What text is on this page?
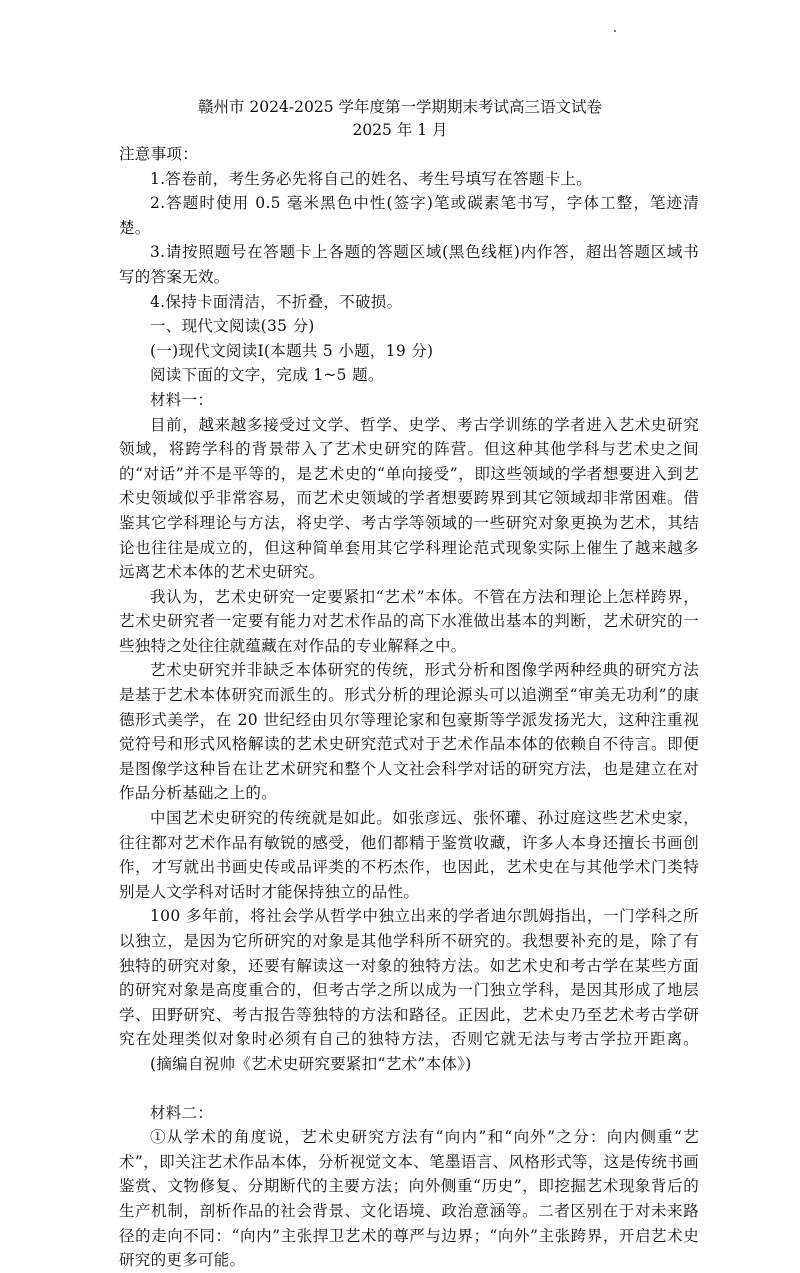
赣州市 2024-2025 学年度第一学期期末考试高三语文试卷
2025 年 1 月

注意事项：

1.答卷前，考生务必先将自己的姓名、考生号填写在答题卡上。

2.答题时使用 0.5 毫米黑色中性(签字)笔或碳素笔书写，字体工整，笔迹清楚。

3.请按照题号在答题卡上各题的答题区域(黑色线框)内作答，超出答题区域书写的答案无效。

4.保持卡面清洁，不折叠，不破损。

一、现代文阅读(35 分)

(一)现代文阅读Ⅰ(本题共 5 小题，19 分)

阅读下面的文字，完成 1~5 题。

材料一：

目前，越来越多接受过文学、哲学、史学、考古学训练的学者进入艺术史研究领域，将跨学科的背景带入了艺术史研究的阵营。但这种其他学科与艺术史之间的“对话”并不是平等的，是艺术史的“单向接受”，即这些领域的学者想要进入到艺术史领域似乎非常容易，而艺术史领域的学者想要跨界到其它领域却非常困难。借鉴其它学科理论与方法，将史学、考古学等领域的一些研究对象更换为艺术，其结论也往往是成立的，但这种简单套用其它学科理论范式现象实际上催生了越来越多远离艺术本体的艺术史研究。

我认为，艺术史研究一定要紧扣“艺术”本体。不管在方法和理论上怎样跨界，艺术史研究者一定要有能力对艺术作品的高下水准做出基本的判断，艺术研究的一些独特之处往往就蕴藏在对作品的专业解释之中。

艺术史研究并非缺乏本体研究的传统，形式分析和图像学两种经典的研究方法是基于艺术本体研究而派生的。形式分析的理论源头可以追溯至“审美无功利”的康德形式美学，在 20 世纪经由贝尔等理论家和包豪斯等学派发扬光大，这种注重视觉符号和形式风格解读的艺术史研究范式对于艺术作品本体的依赖自不待言。即便是图像学这种旨在让艺术研究和整个人文社会科学对话的研究方法，也是建立在对作品分析基础之上的。

中国艺术史研究的传统就是如此。如张彦远、张怀瓘、孙过庭这些艺术史家，往往都对艺术作品有敏锐的感受，他们都精于鉴赏收藏，许多人本身还擅长书画创作，才写就出书画史传或品评类的不朽杰作，也因此，艺术史在与其他学术门类特别是人文学科对话时才能保持独立的品性。

100 多年前，将社会学从哲学中独立出来的学者迪尔凯姆指出，一门学科之所以独立，是因为它所研究的对象是其他学科所不研究的。我想要补充的是，除了有独特的研究对象，还要有解读这一对象的独特方法。如艺术史和考古学在某些方面的研究对象是高度重合的，但考古学之所以成为一门独立学科，是因其形成了地层学、田野研究、考古报告等独特的方法和路径。正因此，艺术史乃至艺术考古学研究在处理类似对象时必须有自己的独特方法，否则它就无法与考古学拉开距离。(摘编自祝帅《艺术史研究要紧扣“艺术”本体》)

材料二：

①从学术的角度说，艺术史研究方法有“向内”和“向外”之分：向内侧重“艺术”，即关注艺术作品本体，分析视觉文本、笔墨语言、风格形式等，这是传统书画鉴赏、文物修复、分期断代的主要方法；向外侧重“历史”，即挖掘艺术现象背后的生产机制，剖析作品的社会背景、文化语境、政治意涵等。二者区别在于对未来路径的走向不同：“向内”主张捍卫艺术的尊严与边界；“向外”主张跨界，开启艺术史研究的更多可能。
